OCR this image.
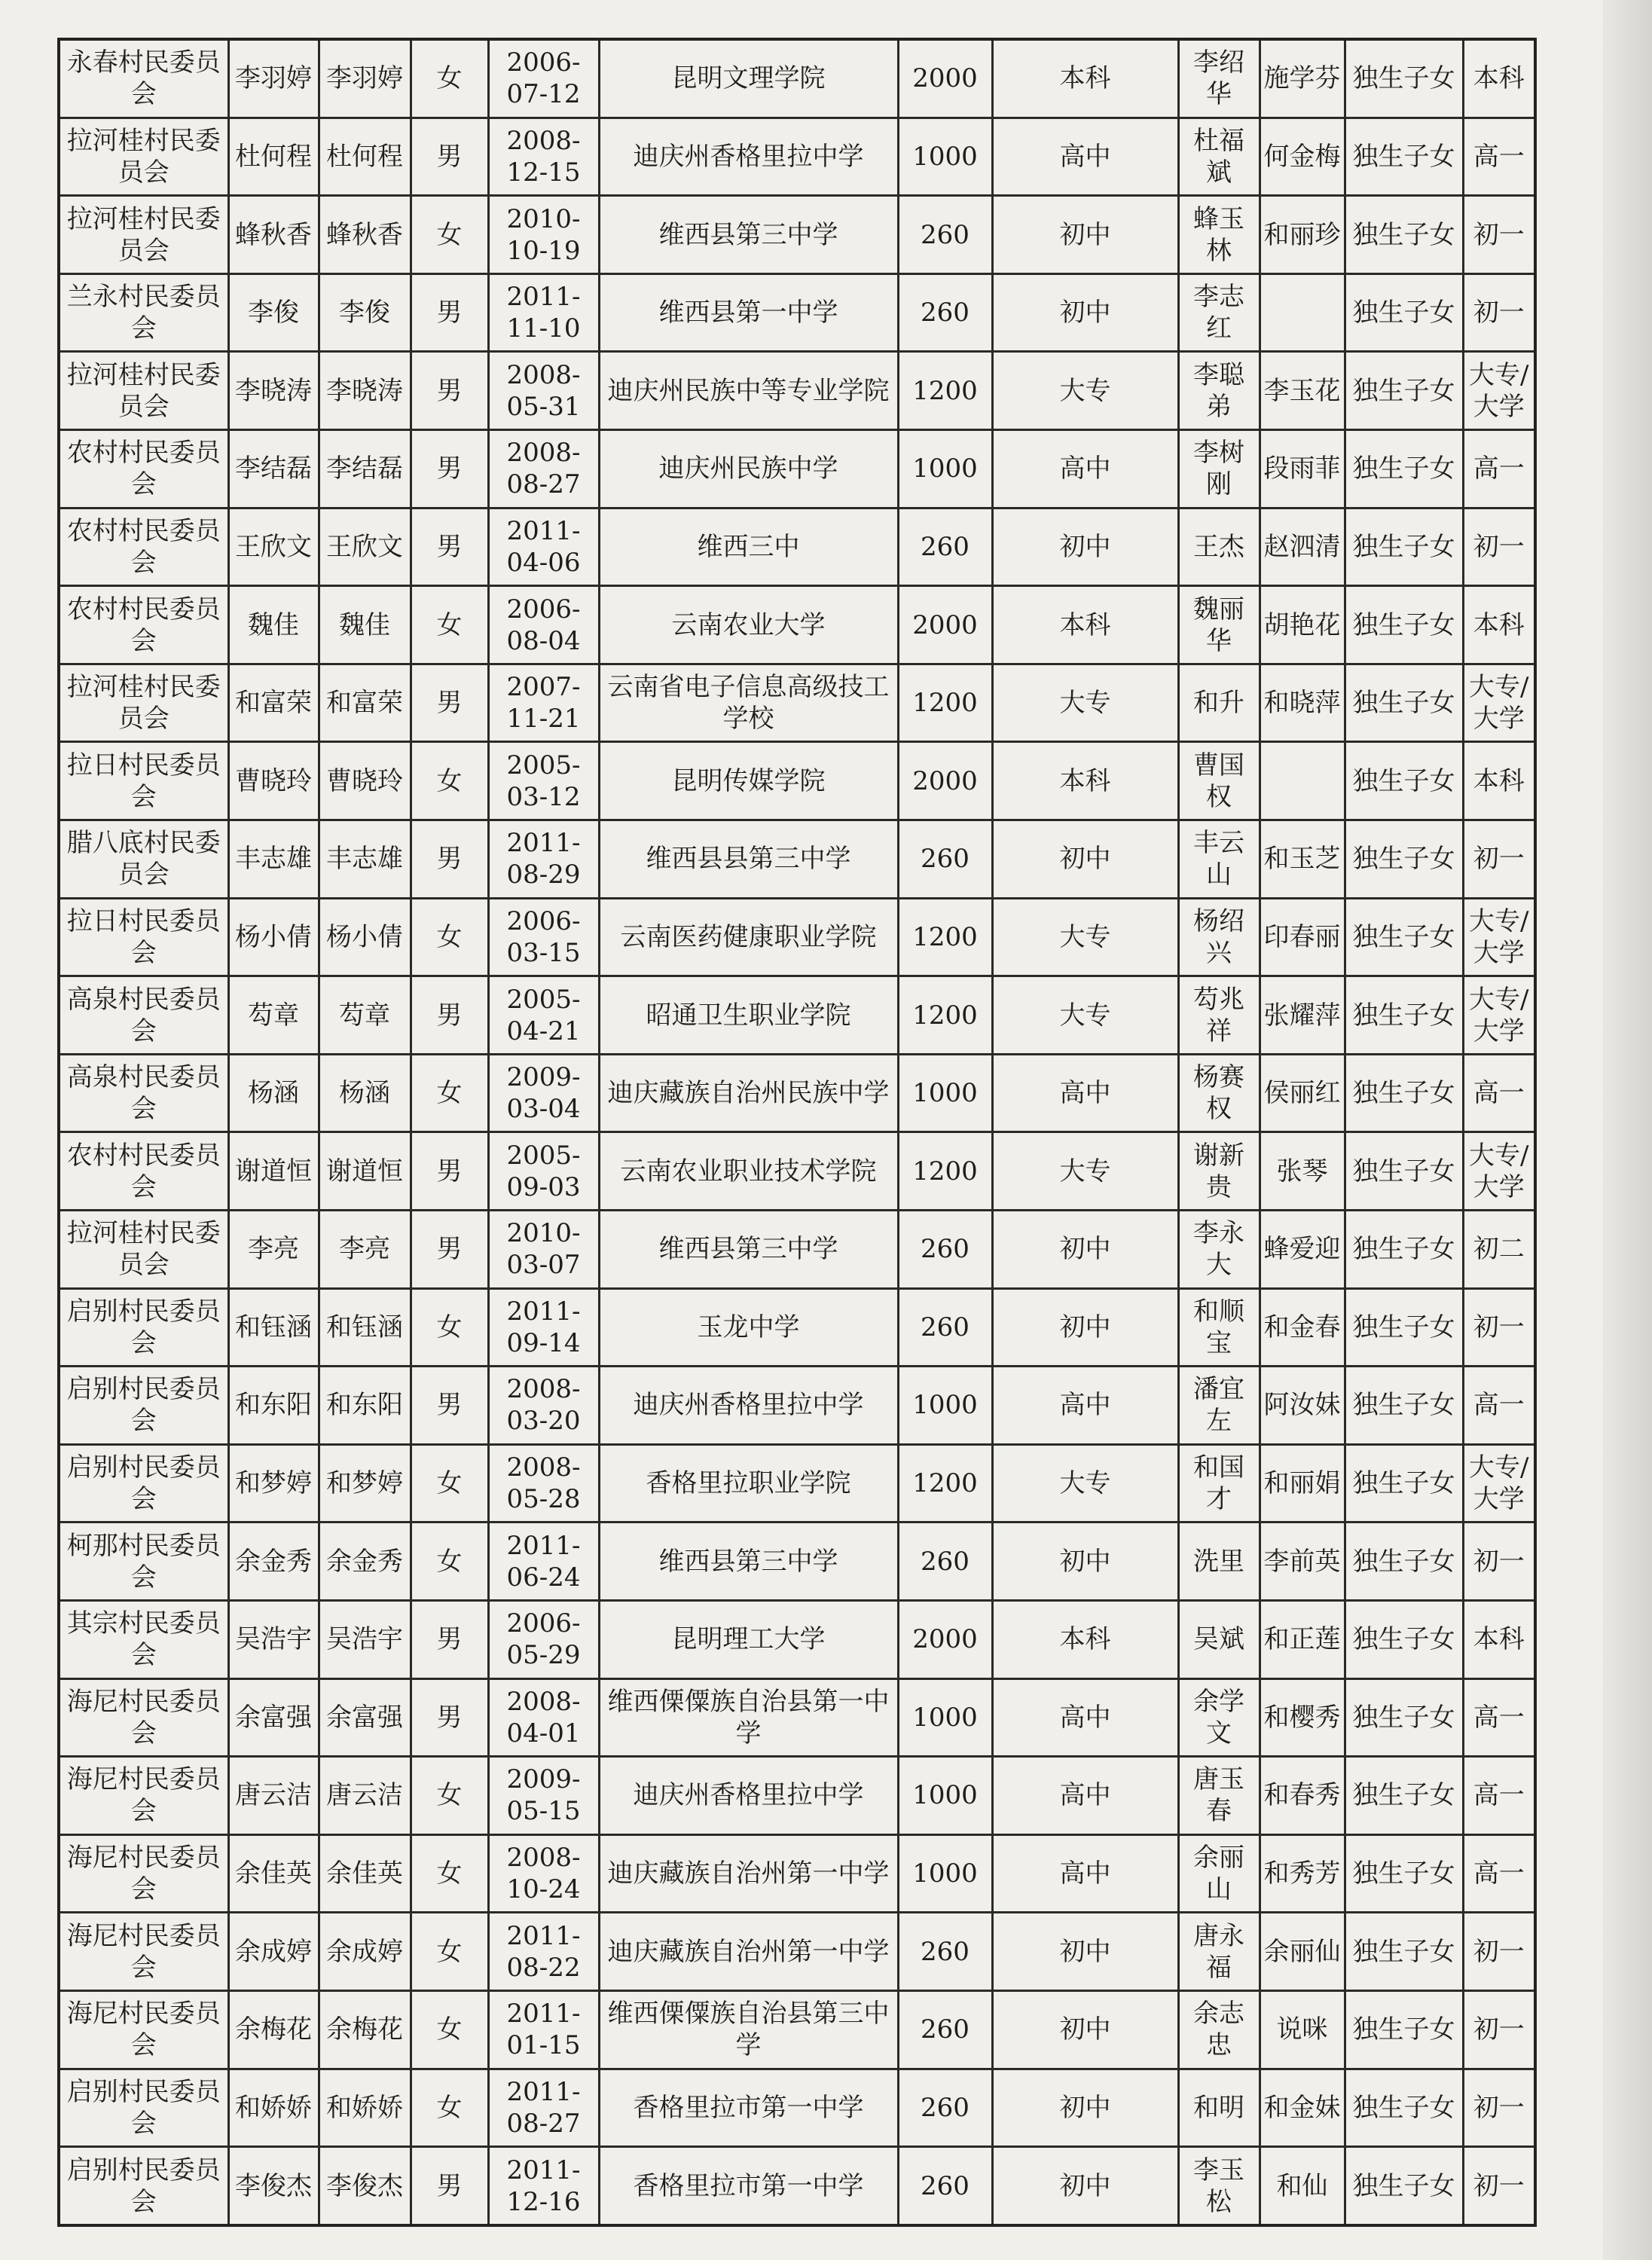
永春村民委员会	李羽婷	李羽婷	女	2006-07-12	昆明文理学院	2000	本科	李绍华	施学芬	独生子女	本科
拉河桂村民委员会	杜何程	杜何程	男	2008-12-15	迪庆州香格里拉中学	1000	高中	杜福斌	何金梅	独生子女	高一
拉河桂村民委员会	蜂秋香	蜂秋香	女	2010-10-19	维西县第三中学	260	初中	蜂玉林	和丽珍	独生子女	初一
兰永村民委员会	李俊	李俊	男	2011-11-10	维西县第一中学	260	初中	李志红		独生子女	初一
拉河桂村民委员会	李晓涛	李晓涛	男	2008-05-31	迪庆州民族中等专业学院	1200	大专	李聪弟	李玉花	独生子女	大专/大学
农村村民委员会	李结磊	李结磊	男	2008-08-27	迪庆州民族中学	1000	高中	李树刚	段雨菲	独生子女	高一
农村村民委员会	王欣文	王欣文	男	2011-04-06	维西三中	260	初中	王杰	赵泗清	独生子女	初一
农村村民委员会	魏佳	魏佳	女	2006-08-04	云南农业大学	2000	本科	魏丽华	胡艳花	独生子女	本科
拉河桂村民委员会	和富荣	和富荣	男	2007-11-21	云南省电子信息高级技工学校	1200	大专	和升	和晓萍	独生子女	大专/大学
拉日村民委员会	曹晓玲	曹晓玲	女	2005-03-12	昆明传媒学院	2000	本科	曹国权		独生子女	本科
腊八底村民委员会	丰志雄	丰志雄	男	2011-08-29	维西县县第三中学	260	初中	丰云山	和玉芝	独生子女	初一
拉日村民委员会	杨小倩	杨小倩	女	2006-03-15	云南医药健康职业学院	1200	大专	杨绍兴	印春丽	独生子女	大专/大学
高泉村民委员会	芶章	芶章	男	2005-04-21	昭通卫生职业学院	1200	大专	芶兆祥	张耀萍	独生子女	大专/大学
高泉村民委员会	杨涵	杨涵	女	2009-03-04	迪庆藏族自治州民族中学	1000	高中	杨赛权	侯丽红	独生子女	高一
农村村民委员会	谢道恒	谢道恒	男	2005-09-03	云南农业职业技术学院	1200	大专	谢新贵	张琴	独生子女	大专/大学
拉河桂村民委员会	李亮	李亮	男	2010-03-07	维西县第三中学	260	初中	李永大	蜂爱迎	独生子女	初二
启别村民委员会	和钰涵	和钰涵	女	2011-09-14	玉龙中学	260	初中	和顺宝	和金春	独生子女	初一
启别村民委员会	和东阳	和东阳	男	2008-03-20	迪庆州香格里拉中学	1000	高中	潘宜左	阿汝妹	独生子女	高一
启别村民委员会	和梦婷	和梦婷	女	2008-05-28	香格里拉职业学院	1200	大专	和国才	和丽娟	独生子女	大专/大学
柯那村民委员会	余金秀	余金秀	女	2011-06-24	维西县第三中学	260	初中	洗里	李前英	独生子女	初一
其宗村民委员会	吴浩宇	吴浩宇	男	2006-05-29	昆明理工大学	2000	本科	吴斌	和正莲	独生子女	本科
海尼村民委员会	余富强	余富强	男	2008-04-01	维西傈僳族自治县第一中学	1000	高中	余学文	和樱秀	独生子女	高一
海尼村民委员会	唐云洁	唐云洁	女	2009-05-15	迪庆州香格里拉中学	1000	高中	唐玉春	和春秀	独生子女	高一
海尼村民委员会	余佳英	余佳英	女	2008-10-24	迪庆藏族自治州第一中学	1000	高中	余丽山	和秀芳	独生子女	高一
海尼村民委员会	余成婷	余成婷	女	2011-08-22	迪庆藏族自治州第一中学	260	初中	唐永福	余丽仙	独生子女	初一
海尼村民委员会	余梅花	余梅花	女	2011-01-15	维西傈僳族自治县第三中学	260	初中	余志忠	说咪	独生子女	初一
启别村民委员会	和娇娇	和娇娇	女	2011-08-27	香格里拉市第一中学	260	初中	和明	和金妹	独生子女	初一
启别村民委员会	李俊杰	李俊杰	男	2011-12-16	香格里拉市第一中学	260	初中	李玉松	和仙	独生子女	初一
